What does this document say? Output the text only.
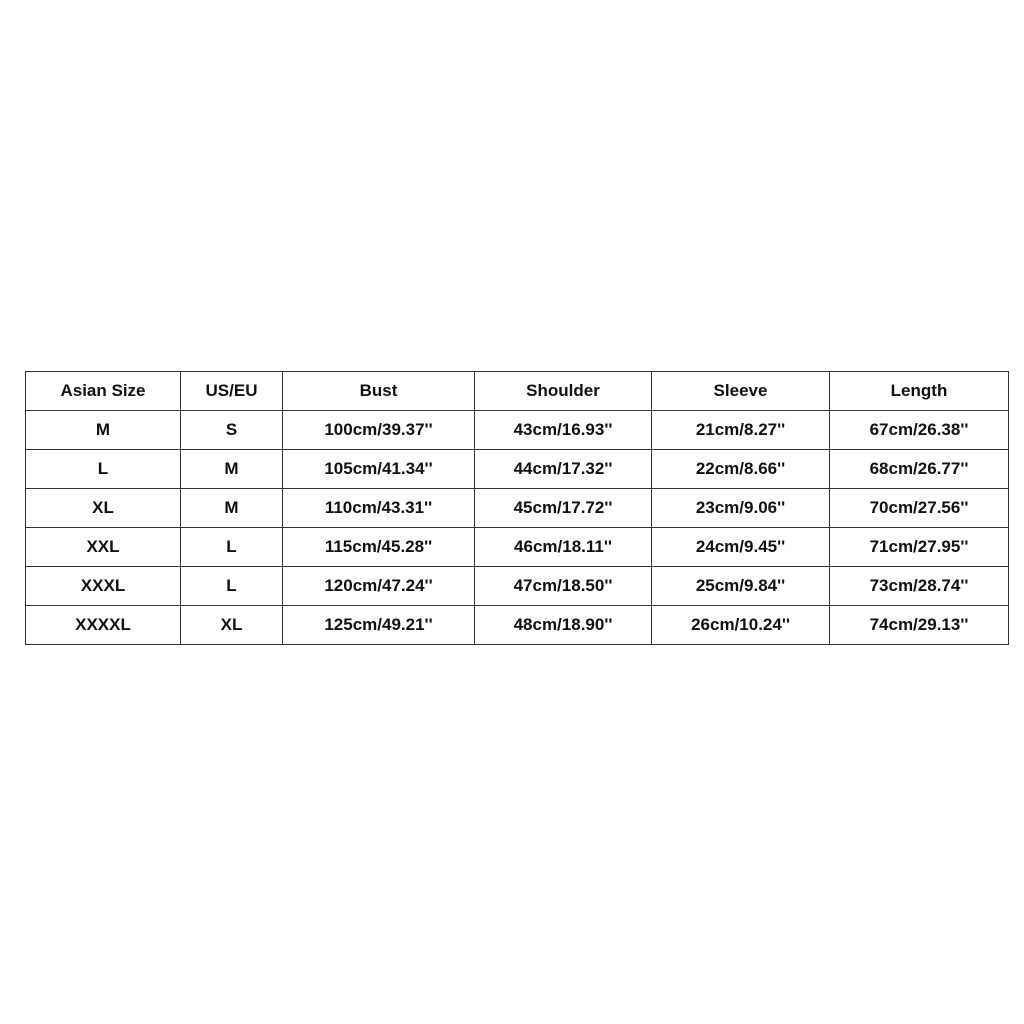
Asian Size	US/EU	Bust	Shoulder	Sleeve	Length
M	S	100cm/39.37''	43cm/16.93''	21cm/8.27''	67cm/26.38''
L	M	105cm/41.34''	44cm/17.32''	22cm/8.66''	68cm/26.77''
XL	M	110cm/43.31''	45cm/17.72''	23cm/9.06''	70cm/27.56''
XXL	L	115cm/45.28''	46cm/18.11''	24cm/9.45''	71cm/27.95''
XXXL	L	120cm/47.24''	47cm/18.50''	25cm/9.84''	73cm/28.74''
XXXXL	XL	125cm/49.21''	48cm/18.90''	26cm/10.24''	74cm/29.13''
